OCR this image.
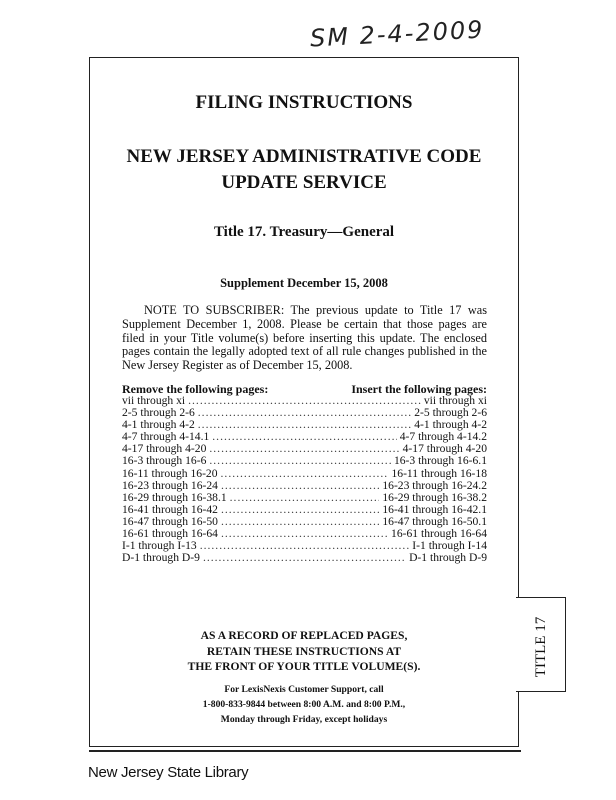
SM 2-4-2009
TITLE 17
FILING INSTRUCTIONS
NEW JERSEY ADMINISTRATIVE CODE
UPDATE SERVICE
Title 17. Treasury—General
Supplement December 15, 2008
NOTE TO SUBSCRIBER: The previous update to Title 17 was Supplement December 1, 2008. Please be certain that those pages are filed in your Title volume(s) before inserting this update. The enclosed pages contain the legally adopted text of all rule changes published in the New Jersey Register as of December 15, 2008.
Remove the following pages:	Insert the following pages:
vii through xi .....	vii through xi
2-5 through 2-6 .....	2-5 through 2-6
4-1 through 4-2 .....	4-1 through 4-2
4-7 through 4-14.1 .....	4-7 through 4-14.2
4-17 through 4-20 .....	4-17 through 4-20
16-3 through 16-6 .....	16-3 through 16-6.1
16-11 through 16-20 .....	16-11 through 16-18
16-23 through 16-24 .....	16-23 through 16-24.2
16-29 through 16-38.1 .....	16-29 through 16-38.2
16-41 through 16-42 .....	16-41 through 16-42.1
16-47 through 16-50 .....	16-47 through 16-50.1
16-61 through 16-64 .....	16-61 through 16-64
I-1 through I-13 .....	I-1 through I-14
D-1 through D-9 .....	D-1 through D-9
AS A RECORD OF REPLACED PAGES,
RETAIN THESE INSTRUCTIONS AT
THE FRONT OF YOUR TITLE VOLUME(S).
For LexisNexis Customer Support, call
1-800-833-9844 between 8:00 A.M. and 8:00 P.M.,
Monday through Friday, except holidays
New Jersey State Library
